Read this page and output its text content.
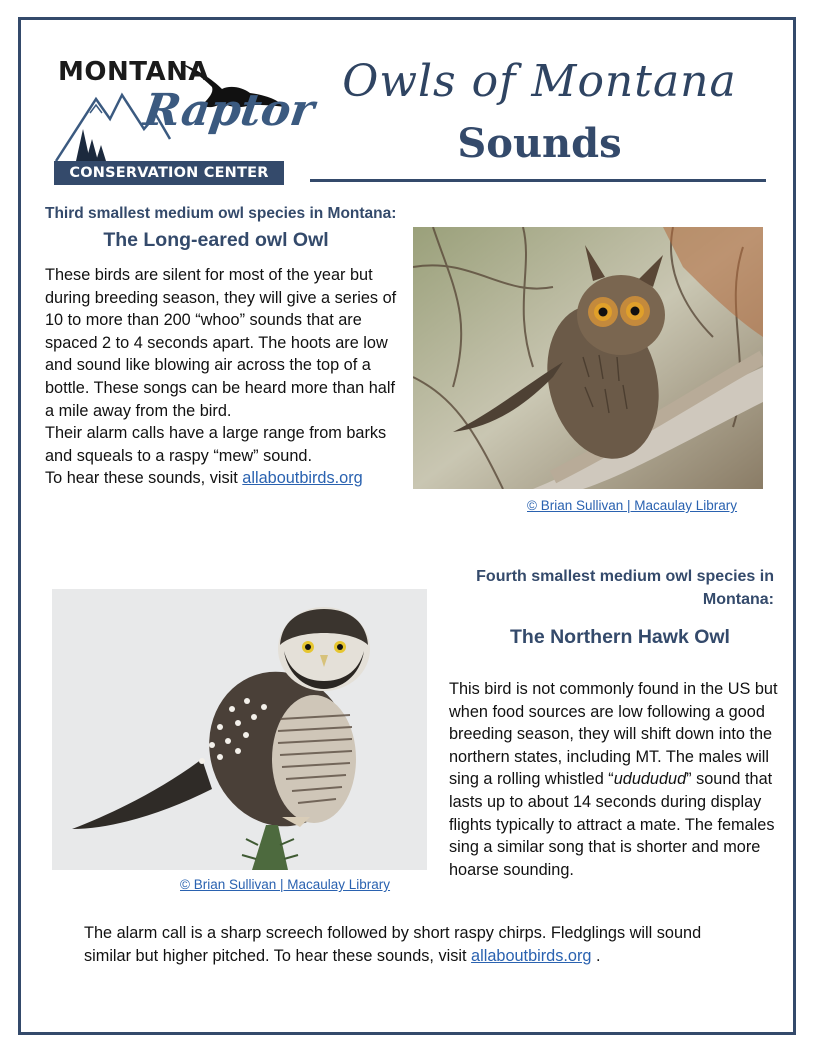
MONTANA
Raptor
CONSERVATION CENTER
Owls of Montana
Sounds
Third smallest medium owl species in Montana:
The Long-eared owl Owl

These birds are silent for most of the year but during breeding season, they will give a series of 10 to more than 200 “whoo” sounds that are spaced 2 to 4 seconds apart. The hoots are low and sound like blowing air across the top of a bottle. These songs can be heard more than half a mile away from the bird.

Their alarm calls have a large range from barks and squeals to a raspy “mew” sound.

To hear these sounds, visit allaboutbirds.org

© Brian Sullivan | Macaulay Library
Fourth smallest medium owl species in Montana:
The Northern Hawk Owl
© Brian Sullivan | Macaulay Library

This bird is not commonly found in the US but when food sources are low following a good breeding season, they will shift down into the northern states, including MT. The males will sing a rolling whistled “udududud” sound that lasts up to about 14 seconds during display flights typically to attract a mate. The females sing a similar song that is shorter and more hoarse sounding.

The alarm call is a sharp screech followed by short raspy chirps. Fledglings will sound similar but higher pitched. To hear these sounds, visit allaboutbirds.org .
